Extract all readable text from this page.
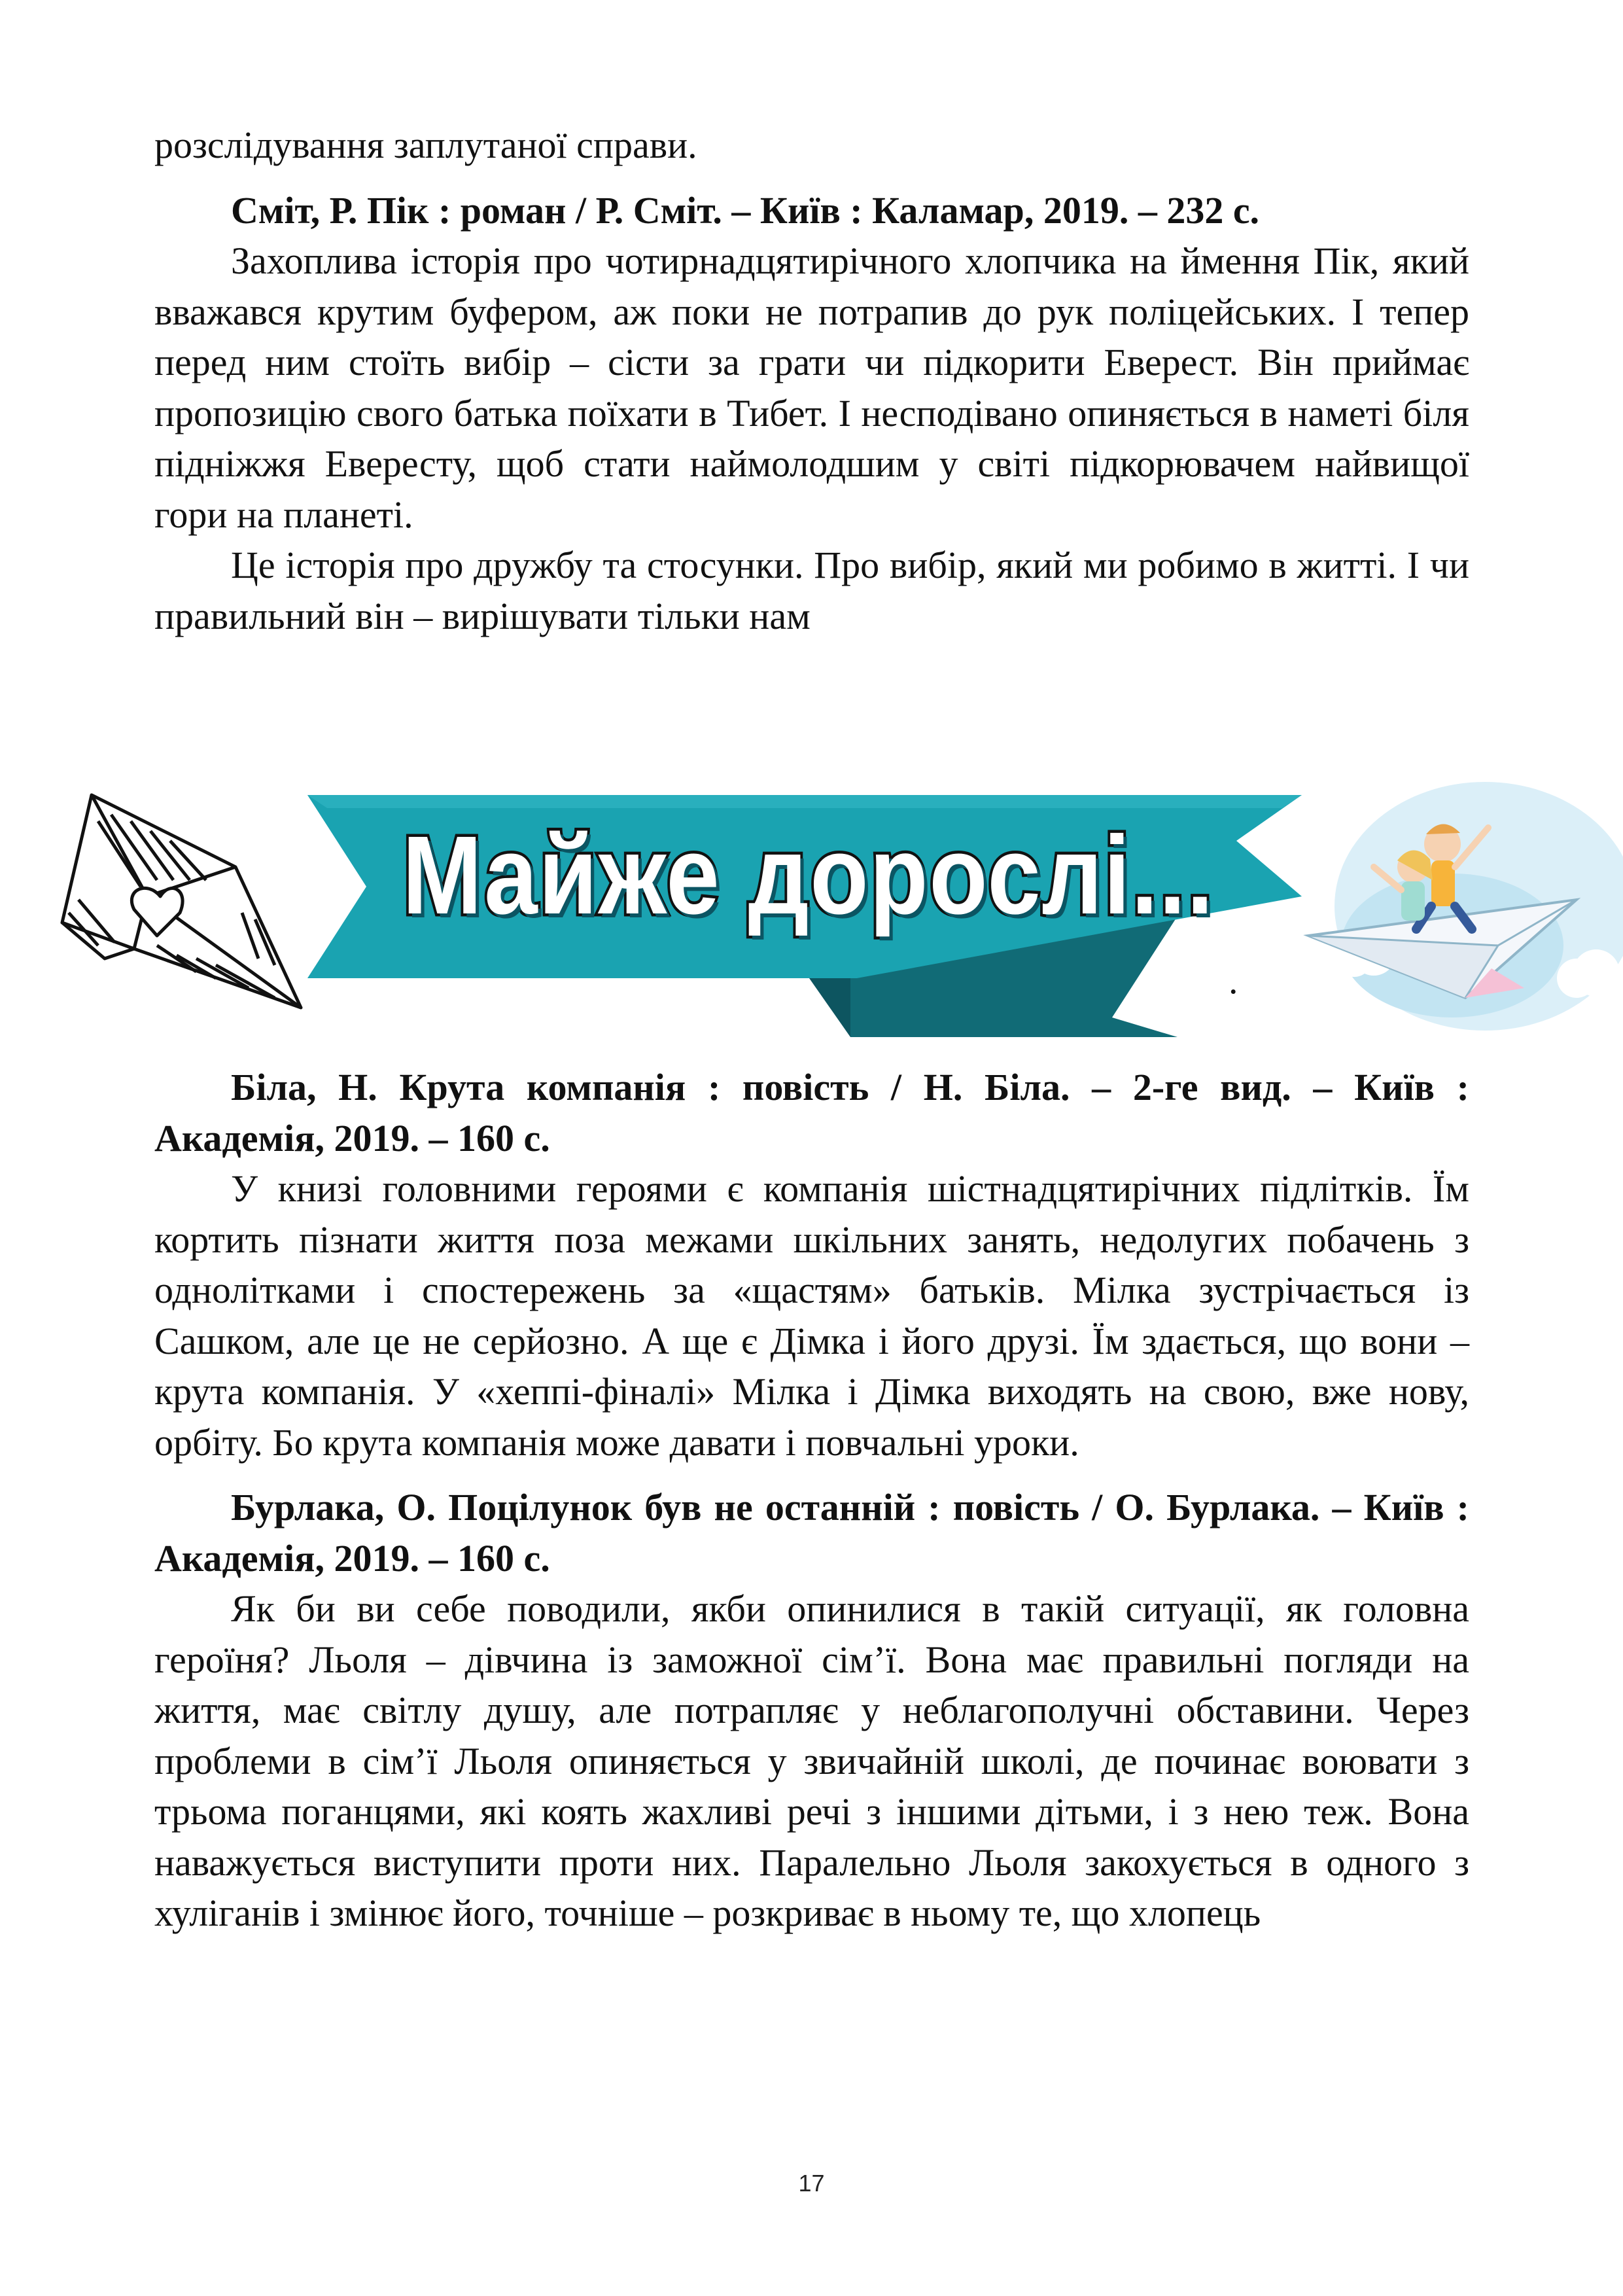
розслідування заплутаної справи.

Сміт, Р. Пік : роман / Р. Сміт. – Київ : Каламар, 2019. – 232 с.

Захоплива історія про чотирнадцятирічного хлопчика на ймення Пік, який вважався крутим буфером, аж поки не потрапив до рук поліцейських. І тепер перед ним стоїть вибір – сісти за грати чи підкорити Еверест. Він приймає пропозицію свого батька поїхати в Тибет. І несподівано опиняється в наметі біля підніжжя Евересту, щоб стати наймолодшим у світі підкорювачем найвищої гори на планеті.

Це історія про дружбу та стосунки. Про вибір, який ми робимо в житті. І чи правильний він – вирішувати тільки нам

Майже дорослі...
.

Біла, Н. Крута компанія : повість / Н. Біла. – 2-ге вид. – Київ : Академія, 2019. – 160 с.

У книзі головними героями є компанія шістнадцятирічних підлітків. Їм кортить пізнати життя поза межами шкільних занять, недолугих побачень з однолітками і спостережень за «щастям» батьків. Мілка зустрічається із Сашком, але це не серйозно. А ще є Дімка і його друзі. Їм здається, що вони – крута компанія. У «хеппі-фіналі» Мілка і Дімка виходять на свою, вже нову, орбіту. Бо крута компанія може давати і повчальні уроки.

Бурлака, О. Поцілунок був не останній : повість / О. Бурлака. – Київ : Академія, 2019. – 160 с.

Як би ви себе поводили, якби опинилися в такій ситуації, як головна героїня? Льоля – дівчина із заможної сім’ї. Вона має правильні погляди на життя, має світлу душу, але потрапляє у неблагополучні обставини. Через проблеми в сім’ї Льоля опиняється у звичайній школі, де починає воювати з трьома поганцями, які коять жахливі речі з іншими дітьми, і з нею теж. Вона наважується виступити проти них. Паралельно Льоля закохується в одного з хуліганів і змінює його, точніше – розкриває в ньому те, що хлопець

17
